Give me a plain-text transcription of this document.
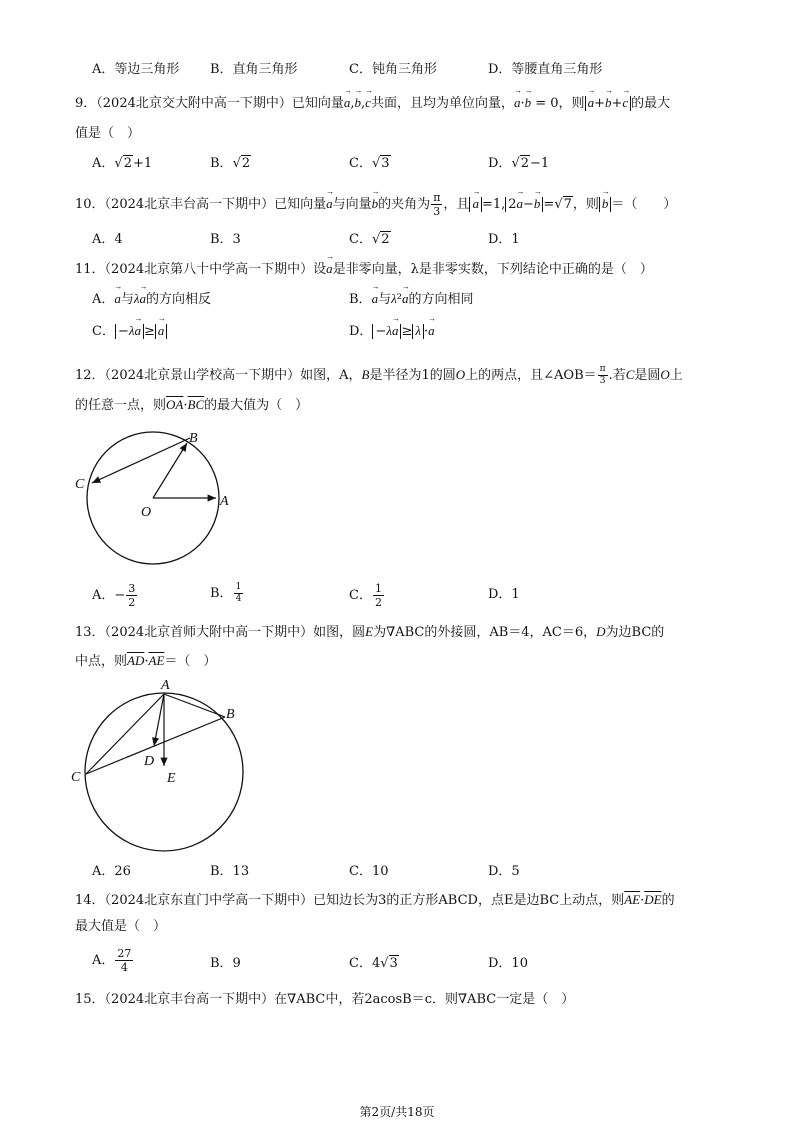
A．等边三角形 B．直角三角形	C．钝角三角形	D．等腰直角三角形
9．（2024北京交大附中高一下期中）已知向量→ a,→ b,→ c共面，且均为单位向量，→ a·→ b = 0，则 → a+→ b+→ c 的最大
值是（　）
A．√2+1	B．√2	C．√3	D．√2−1
10．（2024北京丰台高一下期中）已知向量→ a与向量→ b的夹角为 $\frac{\pi}{3}$ ，且 → a =1, 2→ a−→ b =√7，则 → b ＝（　　）
A．4	B．3	C．√2	D．1
11．（2024北京第八十中学高一下期中）设→ a是非零向量，λ是非零实数，下列结论中正确的是（　）
A．→ a与λ→ a的方向相反	B．→ a与λ²→ a的方向相同
C． −λ→ a ≥ → a	D． −λ→ a ≥ λ ·→ a
12．（2024北京景山学校高一下期中）如图，A，B是半径为1的圆O上的两点，且∠AOB＝ $\frac{\pi}{3}$ .若C是圆O上
的任意一点，则$\overline{OA}\cdot\overline{BC}$的最大值为（　）
B
C
O
A
A．− $\frac{3}{2}$	B． $\frac{1}{4}$	C． $\frac{1}{2}$	D．1
13．（2024北京首师大附中高一下期中）如图，圆E为∇ABC的外接圆，AB＝4，AC＝6，D为边BC的
中点，则$\overline{AD}\cdot\overline{AE}=$（　）
A
B
C
D
E
A．26	B．13	C．10	D．5
14．（2024北京东直门中学高一下期中）已知边长为3的正方形ABCD，点E是边BC上动点，则$\overline{AE}\cdot\overline{DE}$的
最大值是（　）
A． $\frac{27}{4}$	B．9	C．4√3	D．10
15．（2024北京丰台高一下期中）在∇ABC中，若2acosB＝c．则∇ABC一定是（　）
第2页/共18页
